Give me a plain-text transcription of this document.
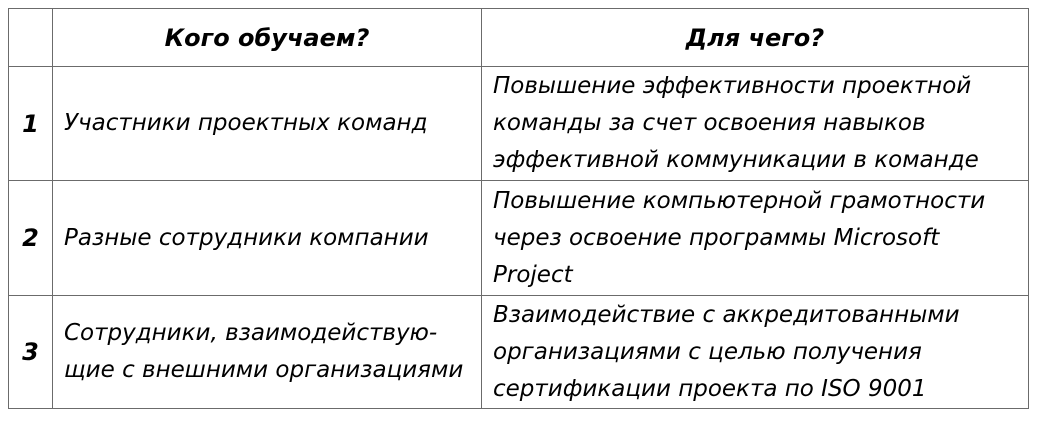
	Кого обучаем?	Для чего?
1	Участники проектных команд	Повышение эффективности проектной
команды за счет освоения навыков
эффективной коммуникации в команде

2	Разные сотрудники компании	Повышение компьютерной грамотности
через освоение программы Microsoft
Project

3	Сотрудники, взаимодействую-
щие с внешними организациями	Взаимодействие с аккредитованными
организациями с целью получения
сертификации проекта по ISO 9001
